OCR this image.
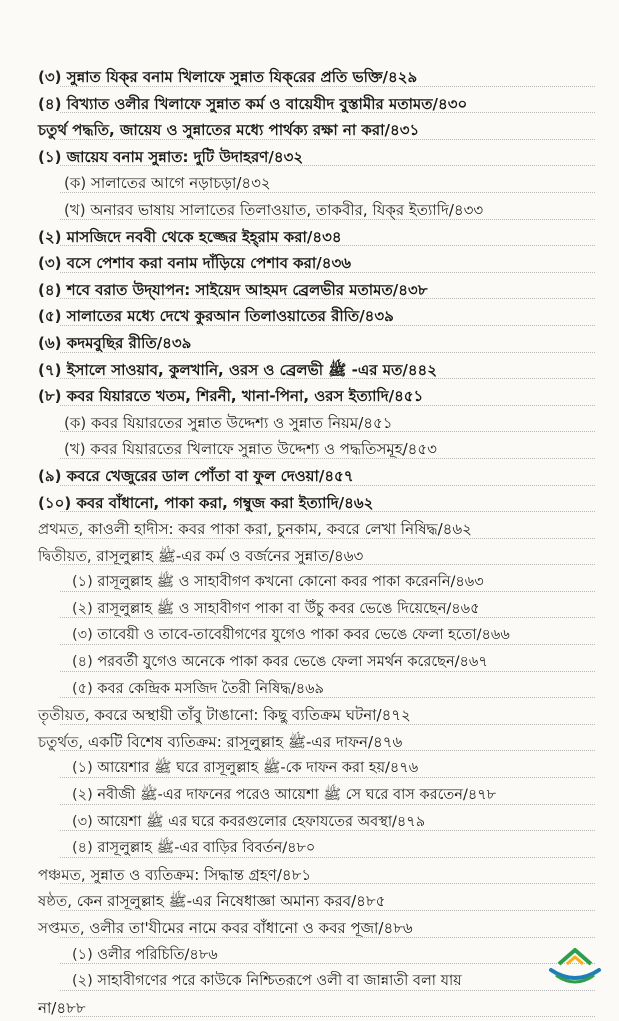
(৩) সুন্নাত যিক্‌র বনাম খিলাফে সুন্নাত যিক্‌রের প্রতি ভক্তি/৪২৯
(৪) বিখ্যাত ওলীর খিলাফে সুন্নাত কর্ম ও বায়েযীদ বুস্তামীর মতামত/৪৩০
চতুর্থ পদ্ধতি, জায়েয ও সুন্নাতের মধ্যে পার্থক্য রক্ষা না করা/৪৩১
(১) জায়েয বনাম সুন্নাত: দুটি উদাহরণ/৪৩২
(ক) সালাতের আগে নড়াচড়া/৪৩২
(খ) অনারব ভাষায় সালাতের তিলাওয়াত, তাকবীর, যিক্‌র ইত্যাদি/৪৩৩
(২) মাসজিদে নববী থেকে হজ্জের ইহ্‌রাম করা/৪৩৪
(৩) বসে পেশাব করা বনাম দাঁড়িয়ে পেশাব করা/৪৩৬
(৪) শবে বরাত উদ্‌যাপন: সাইয়েদ আহমদ ব্রেলভীর মতামত/৪৩৮
(৫) সালাতের মধ্যে দেখে কুরআন তিলাওয়াতের রীতি/৪৩৯
(৬) কদমবুছির রীতি/৪৩৯
(৭) ইসালে সাওয়াব, কুলখানি, ওরস ও ব্রেলভী ﷺ -এর মত/৪৪২
(৮) কবর যিয়ারতে খতম, শিরনী, খানা-পিনা, ওরস ইত্যাদি/৪৫১
(ক) কবর যিয়ারতের সুন্নাত উদ্দেশ্য ও সুন্নাত নিয়ম/৪৫১
(খ) কবর যিয়ারতের খিলাফে সুন্নাত উদ্দেশ্য ও পদ্ধতিসমূহ/৪৫৩
(৯) কবরে খেজুরের ডাল পোঁতা বা ফুল দেওয়া/৪৫৭
(১০) কবর বাঁধানো, পাকা করা, গম্বুজ করা ইত্যাদি/৪৬২
প্রথমত, কাওলী হাদীস: কবর পাকা করা, চুনকাম, কবরে লেখা নিষিদ্ধ/৪৬২
দ্বিতীয়ত, রাসূলুল্লাহ ﷺ-এর কর্ম ও বর্জনের সুন্নাত/৪৬৩
(১) রাসূলুল্লাহ ﷺ ও সাহাবীগণ কখনো কোনো কবর পাকা করেননি/৪৬৩
(২) রাসূলুল্লাহ ﷺ ও সাহাবীগণ পাকা বা উঁচু কবর ভেঙে দিয়েছেন/৪৬৫
(৩) তাবেয়ী ও তাবে-তাবেয়ীগণের যুগেও পাকা কবর ভেঙে ফেলা হতো/৪৬৬
(৪) পরবর্তী যুগেও অনেকে পাকা কবর ভেঙে ফেলা সমর্থন করেছেন/৪৬৭
(৫) কবর কেন্দ্রিক মসজিদ তৈরী নিষিদ্ধ/৪৬৯
তৃতীয়ত, কবরে অস্থায়ী তাঁবু টাঙানো: কিছু ব্যতিক্রম ঘটনা/৪৭২
চতুর্থত, একটি বিশেষ ব্যতিক্রম: রাসূলুল্লাহ ﷺ-এর দাফন/৪৭৬
(১) আয়েশার ﷺ ঘরে রাসূলুল্লাহ ﷺ-কে দাফন করা হয়/৪৭৬
(২) নবীজী ﷺ-এর দাফনের পরেও আয়েশা ﷺ সে ঘরে বাস করতেন/৪৭৮
(৩) আয়েশা ﷺ এর ঘরে কবরগুলোর হেফাযতের অবস্থা/৪৭৯
(৪) রাসূলুল্লাহ ﷺ-এর বাড়ির বিবর্তন/৪৮০
পঞ্চমত, সুন্নাত ও ব্যতিক্রম: সিদ্ধান্ত গ্রহণ/৪৮১
ষষ্ঠত, কেন রাসূলুল্লাহ ﷺ-এর নিষেধাজ্ঞা অমান্য করব/৪৮৫
সপ্তমত, ওলীর তা'যীমের নামে কবর বাঁধানো ও কবর পূজা/৪৮৬
(১) ওলীর পরিচিতি/৪৮৬
(২) সাহাবীগণের পরে কাউকে নিশ্চিতরূপে ওলী বা জান্নাতী বলা যায়
না/৪৮৮
